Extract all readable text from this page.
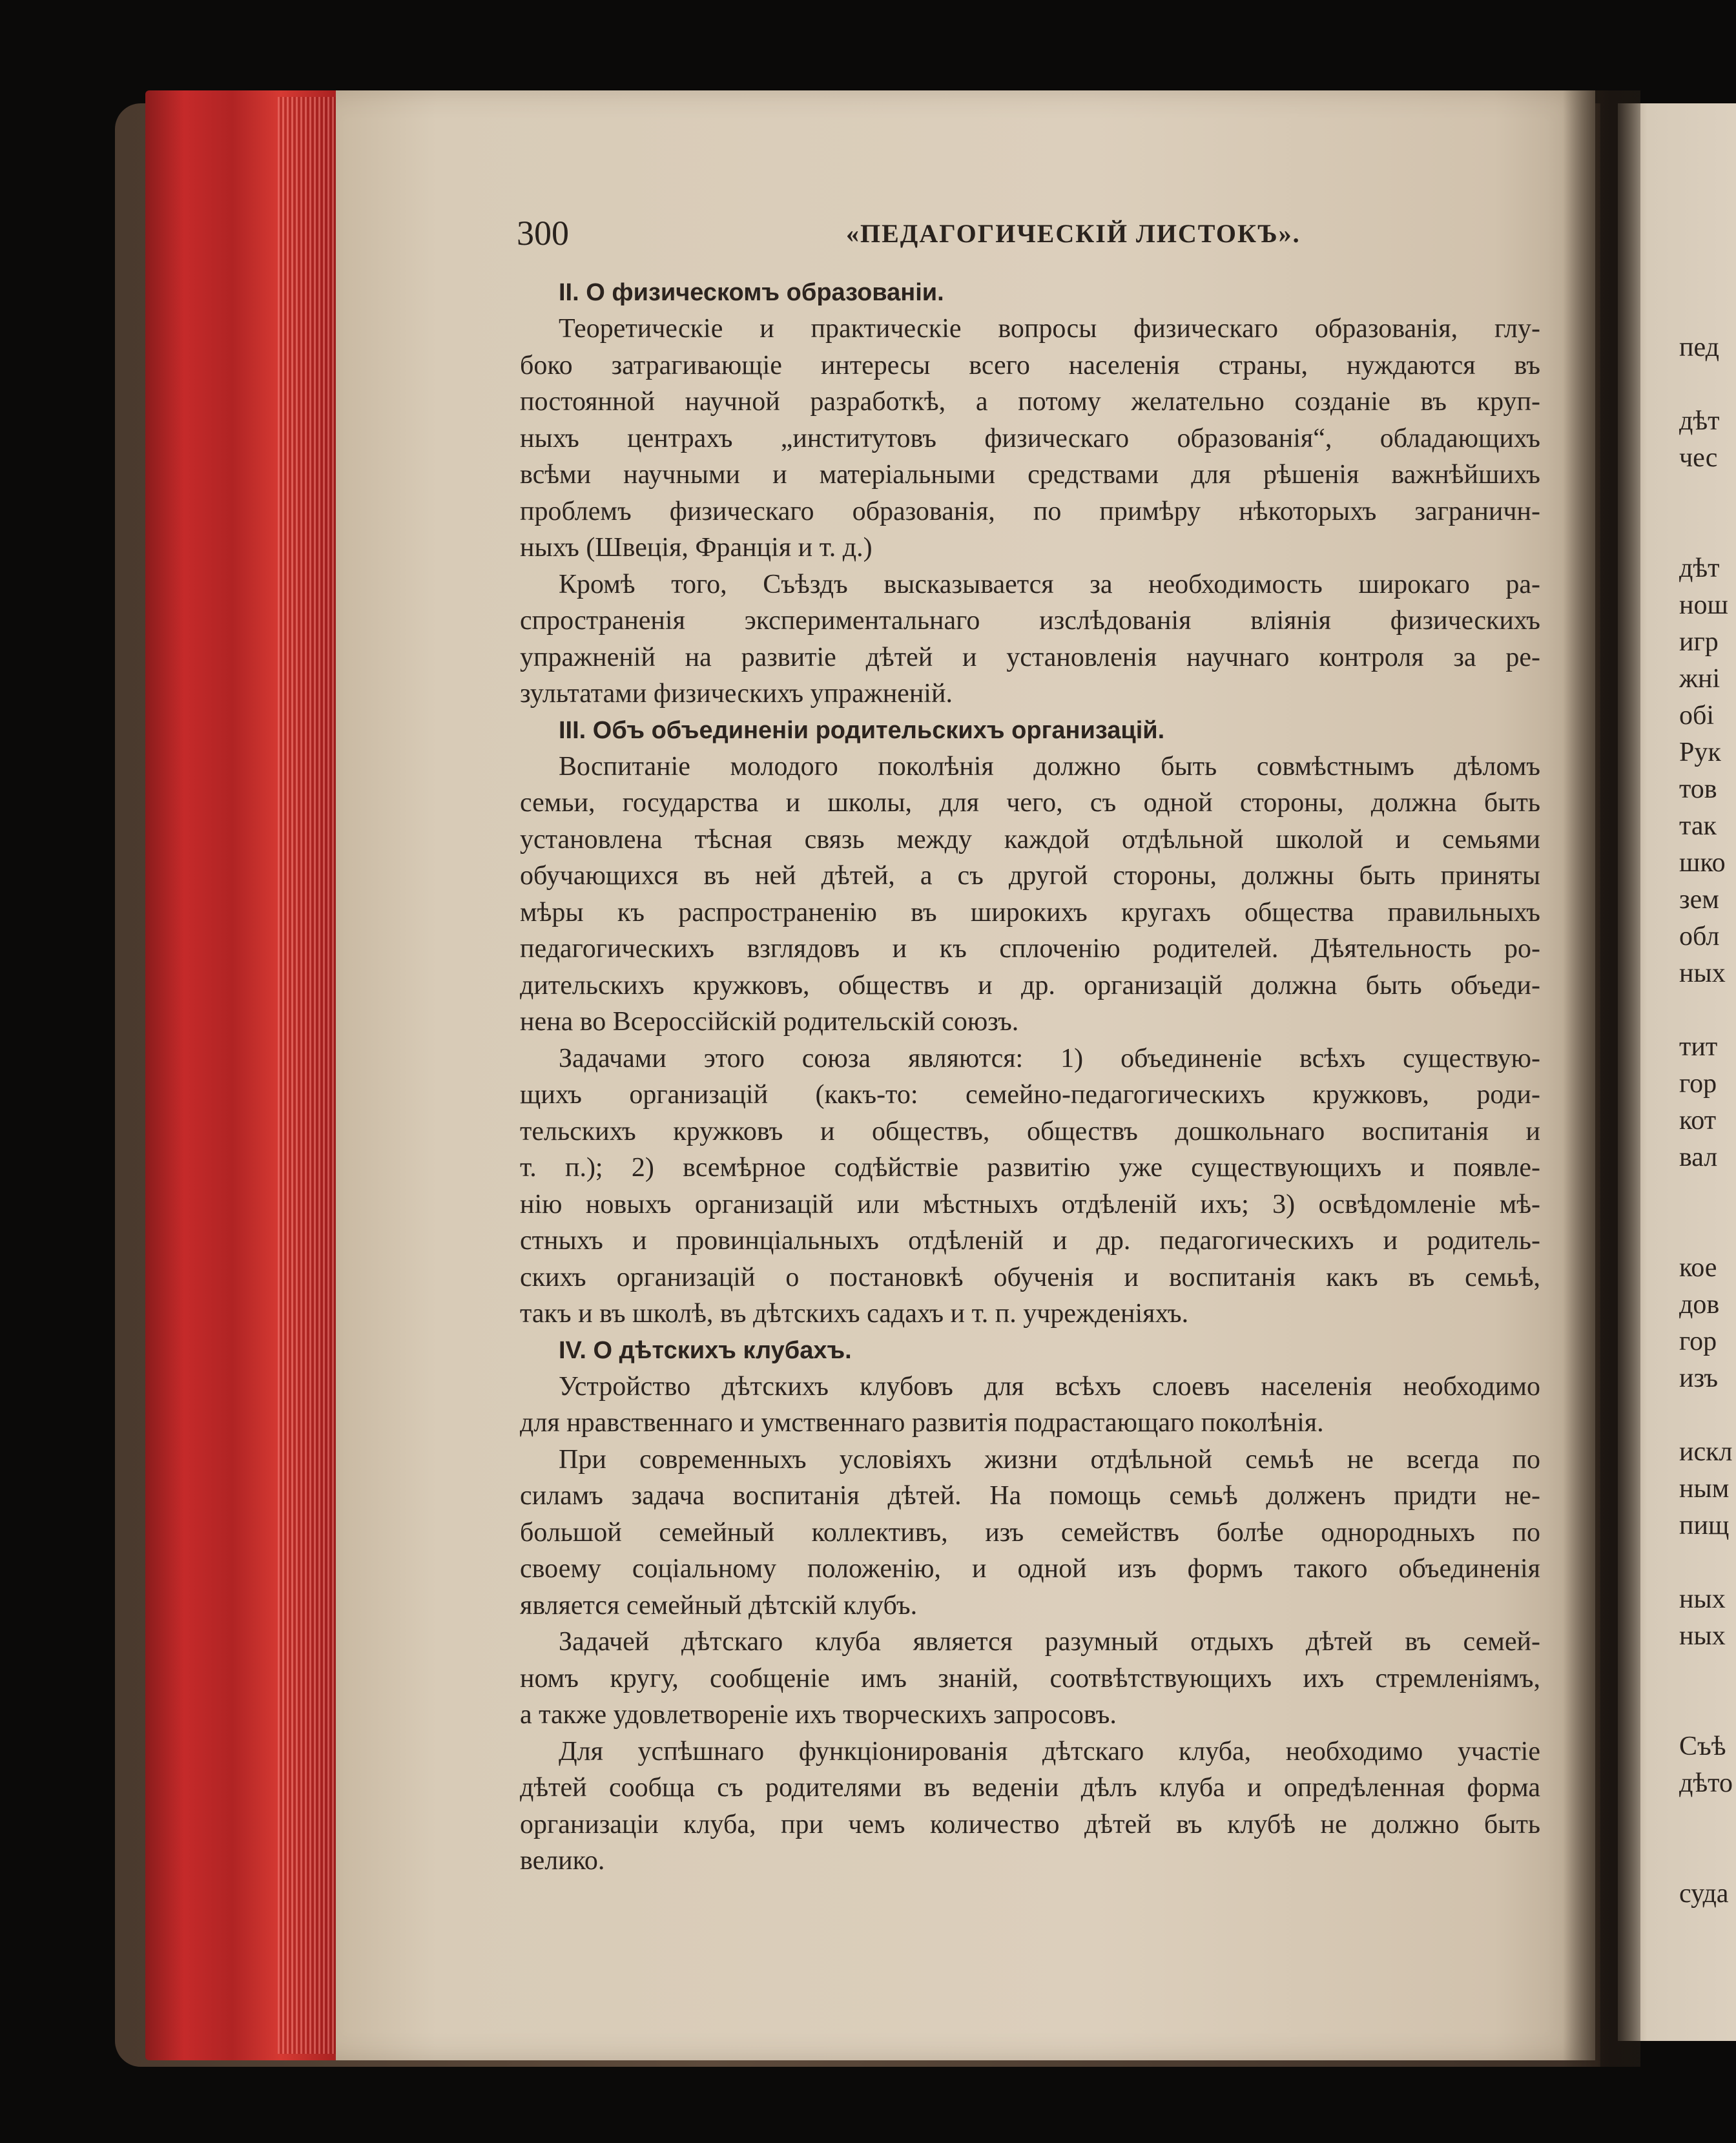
300	«ПЕДАГОГИЧЕСКІЙ ЛИСТОКЪ».
II. О физическомъ образованіи.
Теоретическіе и практическіе вопросы физическаго образованія, глу-
боко затрагивающіе интересы всего населенія страны, нуждаются въ
постоянной научной разработкѣ, а потому желательно созданіе въ круп-
ныхъ центрахъ „институтовъ физическаго образованія“, обладающихъ
всѣми научными и матеріальными средствами для рѣшенія важнѣйшихъ
проблемъ физическаго образованія, по примѣру нѣкоторыхъ заграничн-
ныхъ (Швеція, Франція и т. д.)
Кромѣ того, Съѣздъ высказывается за необходимость широкаго ра-
спространенія экспериментальнаго изслѣдованія вліянія физическихъ
упражненій на развитіе дѣтей и установленія научнаго контроля за ре-
зультатами физическихъ упражненій.
III. Объ объединеніи родительскихъ организацій.
Воспитаніе молодого поколѣнія должно быть совмѣстнымъ дѣломъ
семьи, государства и школы, для чего, съ одной стороны, должна быть
установлена тѣсная связь между каждой отдѣльной школой и семьями
обучающихся въ ней дѣтей, а съ другой стороны, должны быть приняты
мѣры къ распространенію въ широкихъ кругахъ общества правильныхъ
педагогическихъ взглядовъ и къ сплоченію родителей. Дѣятельность ро-
дительскихъ кружковъ, обществъ и др. организацій должна быть объеди-
нена во Всероссійскій родительскій союзъ.
Задачами этого союза являются: 1) объединеніе всѣхъ существую-
щихъ организацій (какъ-то: семейно-педагогическихъ кружковъ, роди-
тельскихъ кружковъ и обществъ, обществъ дошкольнаго воспитанія и
т. п.); 2) всемѣрное содѣйствіе развитію уже существующихъ и появле-
нію новыхъ организацій или мѣстныхъ отдѣленій ихъ; 3) освѣдомленіе мѣ-
стныхъ и провинціальныхъ отдѣленій и др. педагогическихъ и родитель-
скихъ организацій о постановкѣ обученія и воспитанія какъ въ семьѣ,
такъ и въ школѣ, въ дѣтскихъ садахъ и т. п. учрежденіяхъ.
IV. О дѣтскихъ клубахъ.
Устройство дѣтскихъ клубовъ для всѣхъ слоевъ населенія необходимо
для нравственнаго и умственнаго развитія подрастающаго поколѣнія.
При современныхъ условіяхъ жизни отдѣльной семьѣ не всегда по
силамъ задача воспитанія дѣтей. На помощь семьѣ долженъ придти не-
большой семейный коллективъ, изъ семействъ болѣе однородныхъ по
своему соціальному положенію, и одной изъ формъ такого объединенія
является семейный дѣтскій клубъ.
Задачей дѣтскаго клуба является разумный отдыхъ дѣтей въ семей-
номъ кругу, сообщеніе имъ знаній, соотвѣтствующихъ ихъ стремленіямъ,
а также удовлетвореніе ихъ творческихъ запросовъ.
Для успѣшнаго функціонированія дѣтскаго клуба, необходимо участіе
дѣтей сообща съ родителями въ веденіи дѣлъ клуба и опредѣленная форма
организаціи клуба, при чемъ количество дѣтей въ клубѣ не должно быть
велико.
пед
дѣт
чес
дѣт
нош
игр
жні
обі
Рук
тов
так
шко
зем
обл
ных
тит
гор
кот
вал
кое
дов
гор
изъ
искл
ным
пищ
ных
ных
Съѣ
дѣто
суда
